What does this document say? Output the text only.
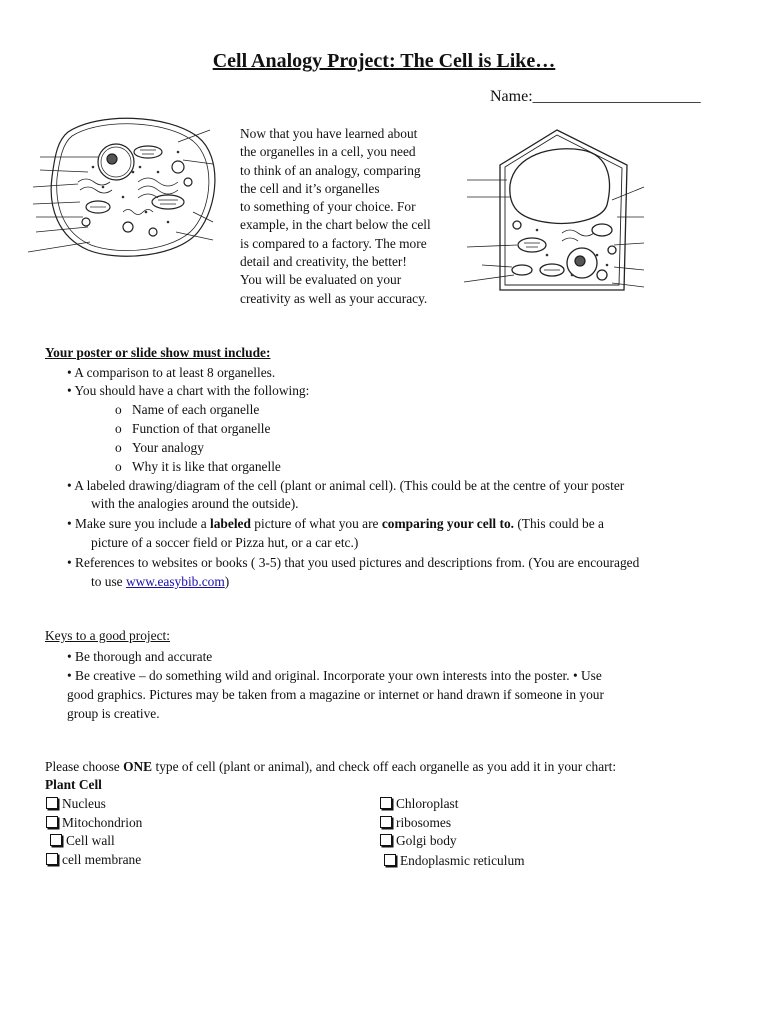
Cell Analogy Project: The Cell is Like…
Name:_____________________
Now that you have learned about
the organelles in a cell, you need
to think of an analogy, comparing
the cell and it’s organelles
to something of your choice. For
example, in the chart below the cell
is compared to a factory. The more
detail and creativity, the better!
You will be evaluated on your
creativity as well as your accuracy.
Your poster or slide show must include:
• A comparison to at least 8 organelles.
• You should have a chart with the following:
o Name of each organelle
o Function of that organelle
o Your analogy
o Why it is like that organelle
• A labeled drawing/diagram of the cell (plant or animal cell). (This could be at the centre of your poster
with the analogies around the outside).
• Make sure you include a labeled picture of what you are comparing your cell to. (This could be a
picture of a soccer field or Pizza hut, or a car etc.)
• References to websites or books ( 3-5) that you used pictures and descriptions from. (You are encouraged
to use www.easybib.com)
Keys to a good project:
• Be thorough and accurate
• Be creative – do something wild and original. Incorporate your own interests into the poster. • Use
good graphics. Pictures may be taken from a magazine or internet or hand drawn if someone in your
group is creative.
Please choose ONE type of cell (plant or animal), and check off each organelle as you add it in your chart:
Plant Cell
Nucleus
Mitochondrion
Cell wall
cell membrane
Chloroplast
ribosomes
Golgi body
Endoplasmic reticulum
